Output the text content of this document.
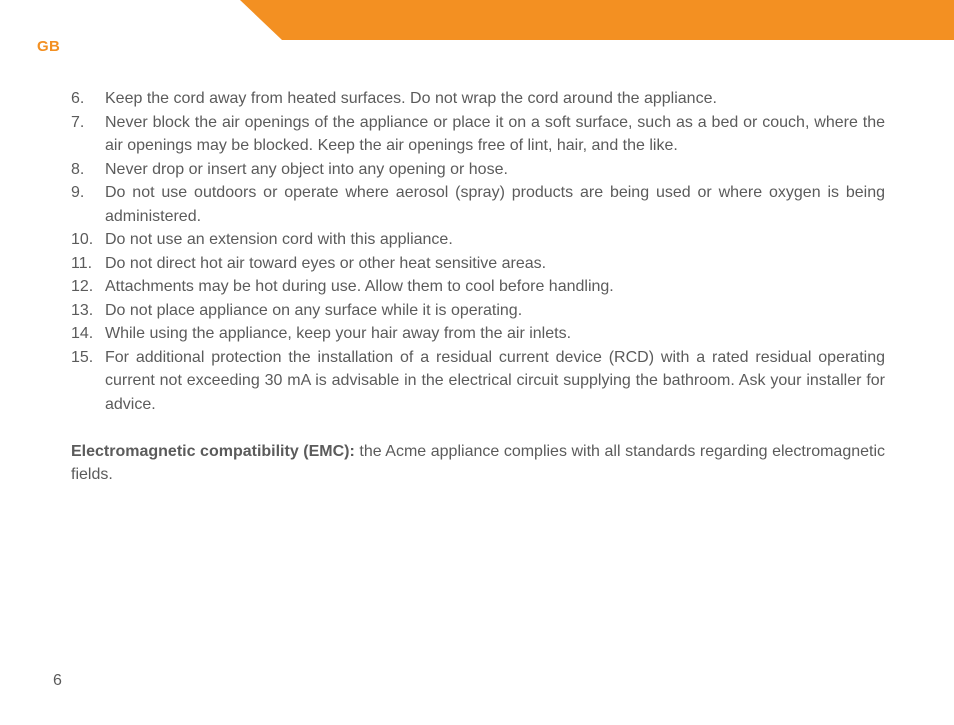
GB
6.	Keep the cord away from heated surfaces. Do not wrap the cord around the appliance.
7.	Never block the air openings of the appliance or place it on a soft surface, such as a bed or couch, where the air openings may be blocked. Keep the air openings free of lint, hair, and the like.
8.	Never drop or insert any object into any opening or hose.
9.	Do not use outdoors or operate where aerosol (spray) products are being used or where oxygen is being administered.
10. Do not use an extension cord with this appliance.
11. Do not direct hot air toward eyes or other heat sensitive areas.
12. Attachments may be hot during use. Allow them to cool before handling.
13. Do not place appliance on any surface while it is operating.
14. While using the appliance, keep your hair away from the air inlets.
15. For additional protection the installation of a residual current device (RCD) with a rated residual operating current not exceeding 30 mA is advisable in the electrical circuit supplying the bathroom. Ask your installer for advice.

Electromagnetic compatibility (EMC): the Acme appliance complies with all standards regarding electromagnetic fields.

6
